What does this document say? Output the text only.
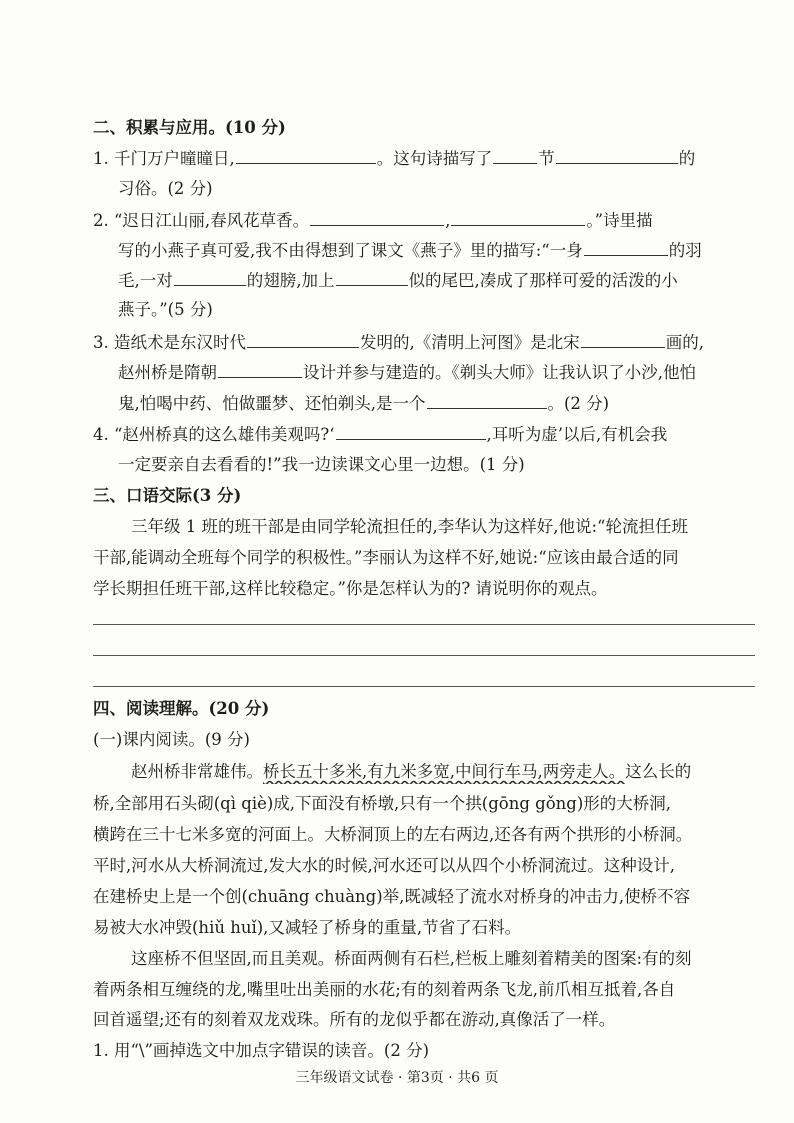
二、积累与应用。(10 分)
1. 千门万户曈曈日,	。这句诗描写了	节	的
习俗。(2 分)
2. “迟日江山丽,春风花草香。	,	。”诗里描
写的小燕子真可爱,我不由得想到了课文《燕子》里的描写:“一身	的羽
毛,一对	的翅膀,加上	似的尾巴,凑成了那样可爱的活泼的小
燕子。”(5 分)
3. 造纸术是东汉时代	发明的,《清明上河图》是北宋	画的,
赵州桥是隋朝	设计并参与建造的。《剃头大师》让我认识了小沙,他怕
鬼,怕喝中药、怕做噩梦、还怕剃头,是一个	。(2 分)
4. “赵州桥真的这么雄伟美观吗?‘	,耳听为虚’以后,有机会我
一定要亲自去看看的!”我一边读课文心里一边想。(1 分)
三、口语交际(3 分)
三年级 1 班的班干部是由同学轮流担任的,李华认为这样好,他说:“轮流担任班
干部,能调动全班每个同学的积极性。”李丽认为这样不好,她说:“应该由最合适的同
学长期担任班干部,这样比较稳定。”你是怎样认为的? 请说明你的观点。
四、阅读理解。(20 分)
(一)课内阅读。(9 分)
赵州桥非常雄伟。桥长五十多米,有九米多宽,中间行车马,两旁走人。这么长的
桥,全部用石头砌(qì qiè)成,下面没有桥墩,只有一个拱(gōng gǒng)形的大桥洞,
横跨在三十七米多宽的河面上。大桥洞顶上的左右两边,还各有两个拱形的小桥洞。
平时,河水从大桥洞流过,发大水的时候,河水还可以从四个小桥洞流过。这种设计,
在建桥史上是一个创(chuāng chuàng)举,既减轻了流水对桥身的冲击力,使桥不容
易被大水冲毁(hiǔ huǐ),又减轻了桥身的重量,节省了石料。
这座桥不但坚固,而且美观。桥面两侧有石栏,栏板上雕刻着精美的图案:有的刻
着两条相互缠绕的龙,嘴里吐出美丽的水花;有的刻着两条飞龙,前爪相互抵着,各自
回首遥望;还有的刻着双龙戏珠。所有的龙似乎都在游动,真像活了一样。
1. 用“\”画掉选文中加点字错误的读音。(2 分)
三年级语文试卷 · 第3页 · 共6 页
